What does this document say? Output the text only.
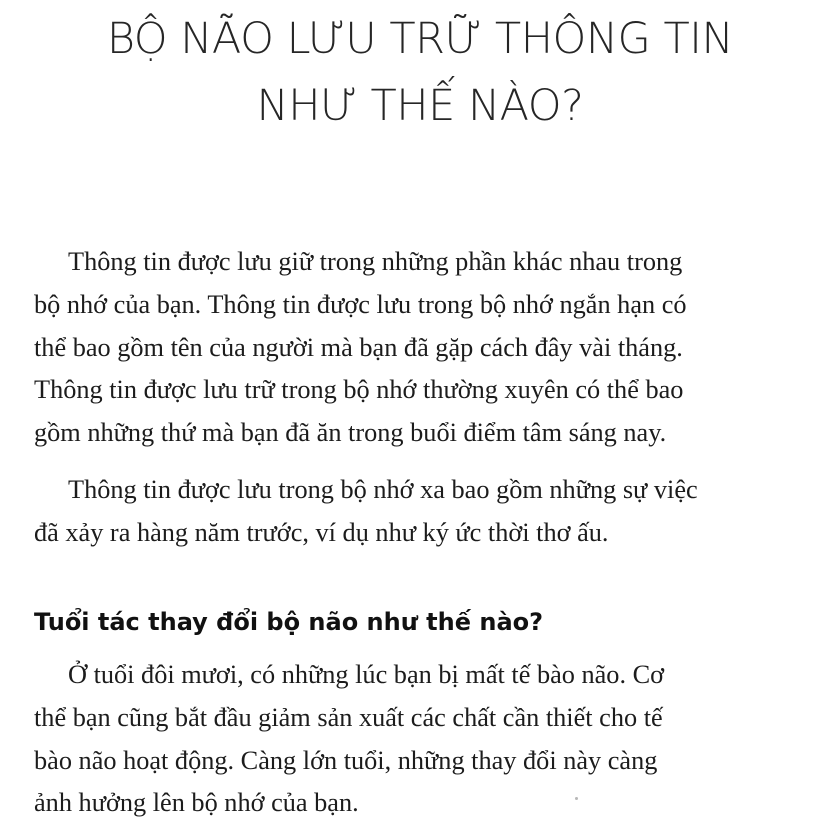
BỘ NÃO LƯU TRỮ THÔNG TIN
NHƯ THẾ NÀO?
Thông tin được lưu giữ trong những phần khác nhau trong
bộ nhớ của bạn. Thông tin được lưu trong bộ nhớ ngắn hạn có
thể bao gồm tên của người mà bạn đã gặp cách đây vài tháng.
Thông tin được lưu trữ trong bộ nhớ thường xuyên có thể bao
gồm những thứ mà bạn đã ăn trong buổi điểm tâm sáng nay.
Thông tin được lưu trong bộ nhớ xa bao gồm những sự việc
đã xảy ra hàng năm trước, ví dụ như ký ức thời thơ ấu.
Tuổi tác thay đổi bộ não như thế nào?
Ở tuổi đôi mươi, có những lúc bạn bị mất tế bào não. Cơ
thể bạn cũng bắt đầu giảm sản xuất các chất cần thiết cho tế
bào não hoạt động. Càng lớn tuổi, những thay đổi này càng
ảnh hưởng lên bộ nhớ của bạn.
